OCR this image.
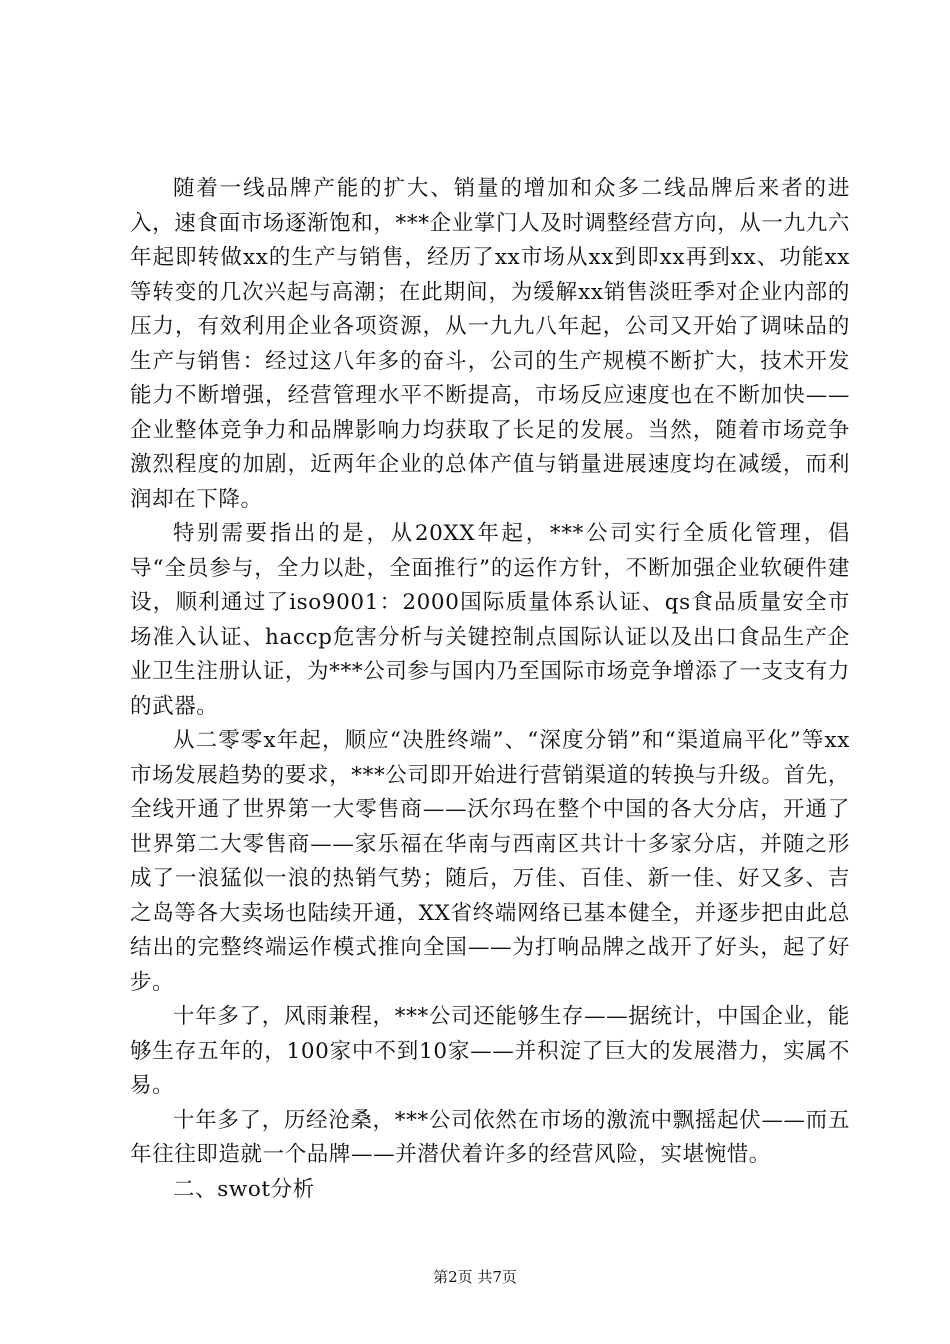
随着一线品牌产能的扩大、销量的增加和众多二线品牌后来者的进入，速食面市场逐渐饱和，***企业掌门人及时调整经营方向，从一九九六年起即转做xx的生产与销售，经历了xx市场从xx到即xx再到xx、功能xx等转变的几次兴起与高潮；在此期间，为缓解xx销售淡旺季对企业内部的压力，有效利用企业各项资源，从一九九八年起，公司又开始了调味品的生产与销售：经过这八年多的奋斗，公司的生产规模不断扩大，技术开发能力不断增强，经营管理水平不断提高，市场反应速度也在不断加快——企业整体竞争力和品牌影响力均获取了长足的发展。当然，随着市场竞争激烈程度的加剧，近两年企业的总体产值与销量进展速度均在减缓，而利润却在下降。

特别需要指出的是，从20XX年起，***公司实行全质化管理，倡导“全员参与，全力以赴，全面推行”的运作方针，不断加强企业软硬件建设，顺利通过了iso9001：2000国际质量体系认证、qs食品质量安全市场准入认证、haccp危害分析与关键控制点国际认证以及出口食品生产企业卫生注册认证，为***公司参与国内乃至国际市场竞争增添了一支支有力的武器。

从二零零x年起，顺应“决胜终端”、“深度分销”和“渠道扁平化”等xx市场发展趋势的要求，***公司即开始进行营销渠道的转换与升级。首先，全线开通了世界第一大零售商——沃尔玛在整个中国的各大分店，开通了世界第二大零售商——家乐福在华南与西南区共计十多家分店，并随之形成了一浪猛似一浪的热销气势；随后，万佳、百佳、新一佳、好又多、吉之岛等各大卖场也陆续开通，XX省终端网络已基本健全，并逐步把由此总结出的完整终端运作模式推向全国——为打响品牌之战开了好头，起了好步。

十年多了，风雨兼程，***公司还能够生存——据统计，中国企业，能够生存五年的，100家中不到10家——并积淀了巨大的发展潜力，实属不易。

十年多了，历经沧桑，***公司依然在市场的激流中飘摇起伏——而五年往往即造就一个品牌——并潜伏着许多的经营风险，实堪惋惜。

二、swot分析

第2页 共7页
